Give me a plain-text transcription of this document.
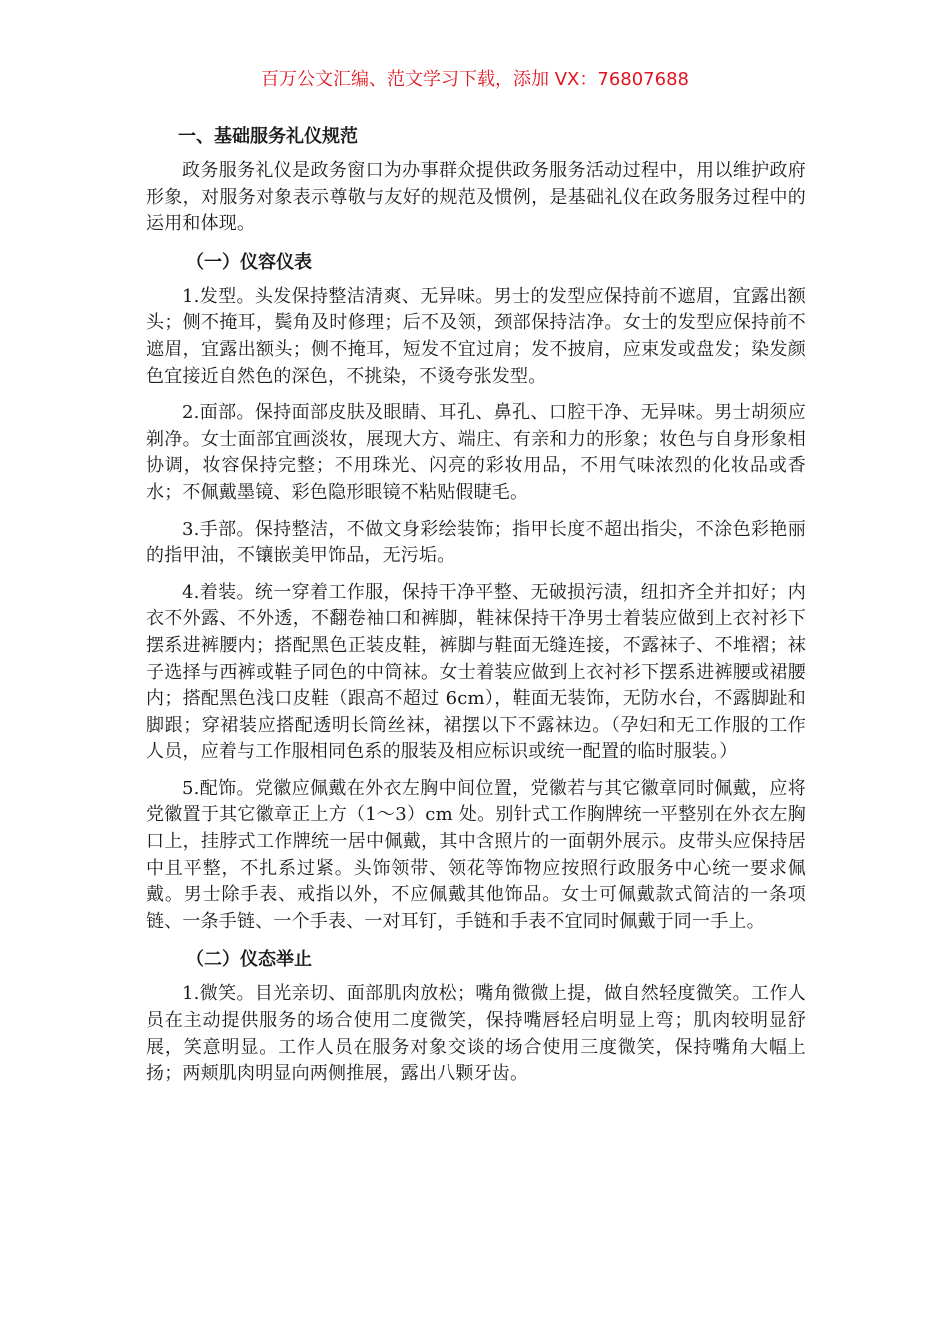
百万公文汇编、范文学习下载，添加 VX：76807688
一、基础服务礼仪规范

政务服务礼仪是政务窗口为办事群众提供政务服务活动过程中，用以维护政府形象，对服务对象表示尊敬与友好的规范及惯例，是基础礼仪在政务服务过程中的运用和体现。

（一）仪容仪表

1.发型。头发保持整洁清爽、无异味。男士的发型应保持前不遮眉，宜露出额头；侧不掩耳，鬓角及时修理；后不及领，颈部保持洁净。女士的发型应保持前不遮眉，宜露出额头；侧不掩耳，短发不宜过肩；发不披肩，应束发或盘发；染发颜色宜接近自然色的深色，不挑染，不烫夸张发型。

2.面部。保持面部皮肤及眼睛、耳孔、鼻孔、口腔干净、无异味。男士胡须应剃净。女士面部宜画淡妆，展现大方、端庄、有亲和力的形象；妆色与自身形象相协调，妆容保持完整；不用珠光、闪亮的彩妆用品，不用气味浓烈的化妆品或香水；不佩戴墨镜、彩色隐形眼镜不粘贴假睫毛。

3.手部。保持整洁，不做文身彩绘装饰；指甲长度不超出指尖，不涂色彩艳丽的指甲油，不镶嵌美甲饰品，无污垢。

4.着装。统一穿着工作服，保持干净平整、无破损污渍，纽扣齐全并扣好；内衣不外露、不外透，不翻卷袖口和裤脚，鞋袜保持干净男士着装应做到上衣衬衫下摆系进裤腰内；搭配黑色正装皮鞋，裤脚与鞋面无缝连接，不露袜子、不堆褶；袜子选择与西裤或鞋子同色的中筒袜。女士着装应做到上衣衬衫下摆系进裤腰或裙腰内；搭配黑色浅口皮鞋（跟高不超过 6cm），鞋面无装饰，无防水台，不露脚趾和脚跟；穿裙装应搭配透明长筒丝袜，裙摆以下不露袜边。（孕妇和无工作服的工作人员，应着与工作服相同色系的服装及相应标识或统一配置的临时服装。）

5.配饰。党徽应佩戴在外衣左胸中间位置，党徽若与其它徽章同时佩戴，应将党徽置于其它徽章正上方（1～3）cm 处。别针式工作胸牌统一平整别在外衣左胸口上，挂脖式工作牌统一居中佩戴，其中含照片的一面朝外展示。皮带头应保持居中且平整，不扎系过紧。头饰领带、领花等饰物应按照行政服务中心统一要求佩戴。男士除手表、戒指以外，不应佩戴其他饰品。女士可佩戴款式简洁的一条项链、一条手链、一个手表、一对耳钉，手链和手表不宜同时佩戴于同一手上。

（二）仪态举止

1.微笑。目光亲切、面部肌肉放松；嘴角微微上提，做自然轻度微笑。工作人员在主动提供服务的场合使用二度微笑，保持嘴唇轻启明显上弯；肌肉较明显舒展，笑意明显。工作人员在服务对象交谈的场合使用三度微笑，保持嘴角大幅上扬；两颊肌肉明显向两侧推展，露出八颗牙齿。
